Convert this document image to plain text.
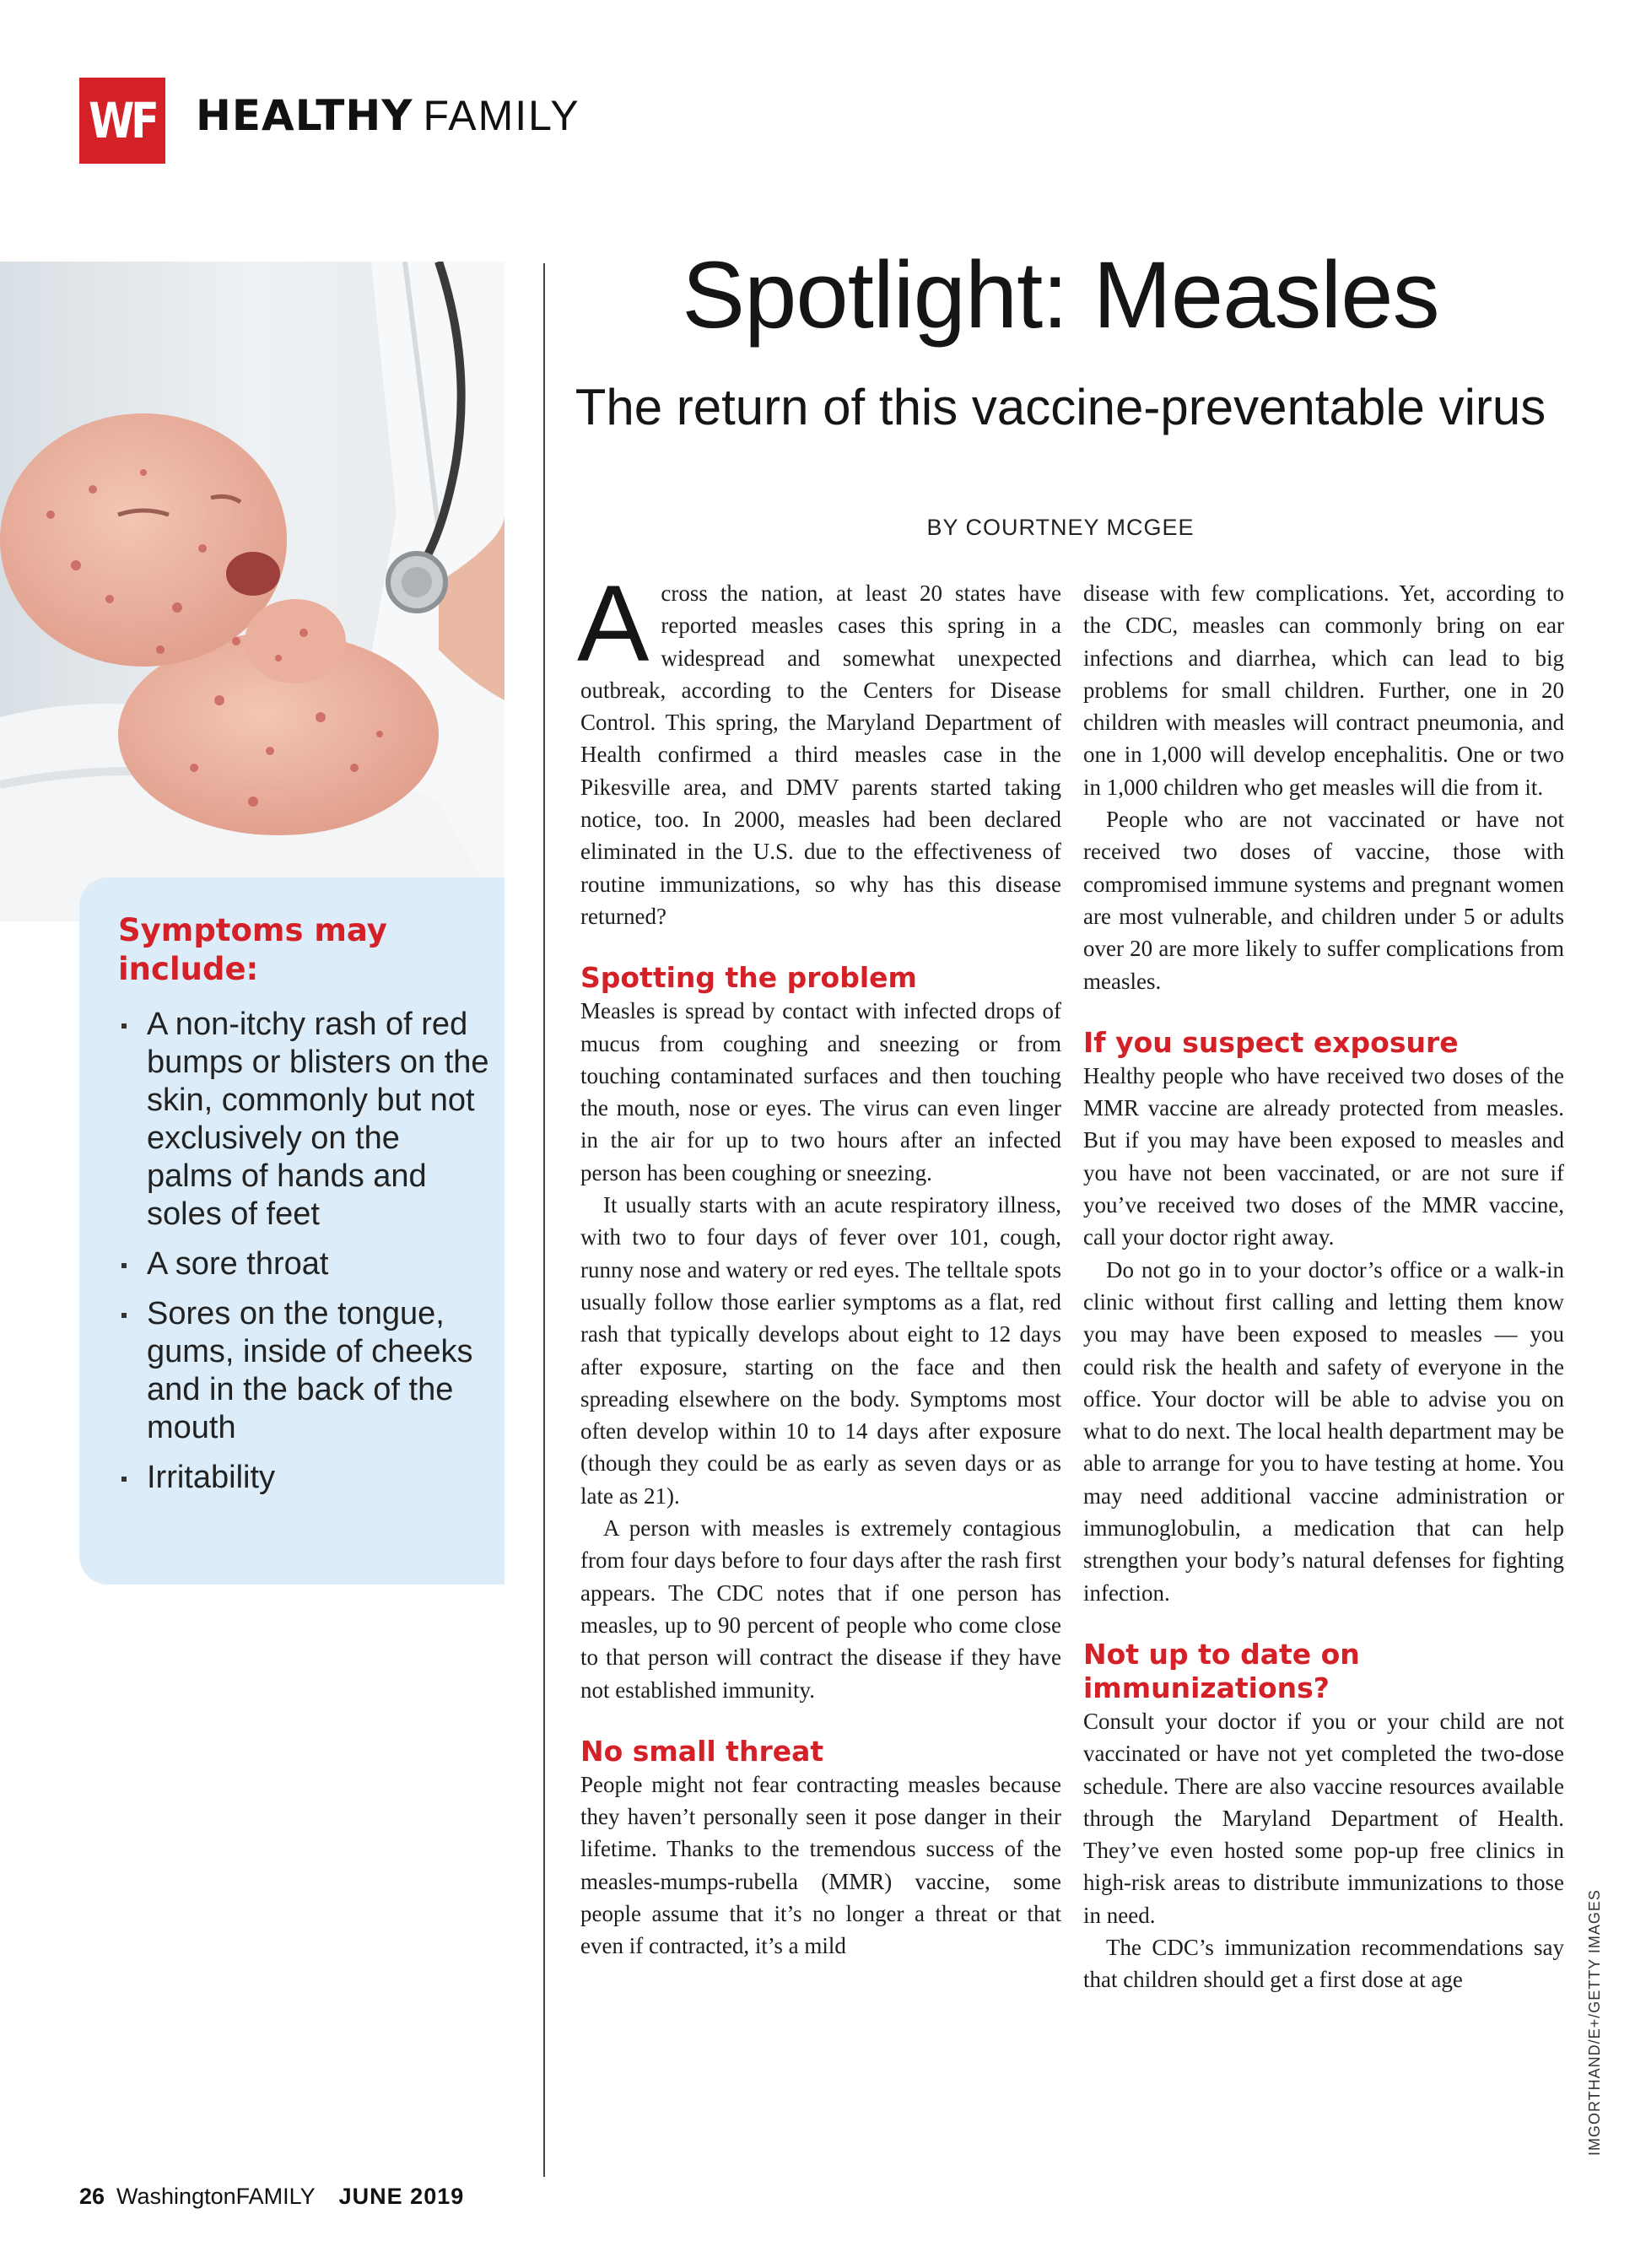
WF HEALTHY FAMILY
Symptoms may include:
A non-itchy rash of red bumps or blisters on the skin, commonly but not exclusively on the palms of hands and soles of feet
A sore throat
Sores on the tongue, gums, inside of cheeks and in the back of the mouth
Irritability
Spotlight: Measles
The return of this vaccine-preventable virus
BY COURTNEY MCGEE
A cross the nation, at least 20 states have reported measles cases this spring in a widespread and somewhat unexpected outbreak, according to the Centers for Disease Control. This spring, the Maryland Department of Health confirmed a third measles case in the Pikesville area, and DMV parents started taking notice, too. In 2000, measles had been declared eliminated in the U.S. due to the effectiveness of routine immunizations, so why has this disease returned?

Spotting the problem

Measles is spread by contact with infected drops of mucus from coughing and sneezing or from touching contaminated surfaces and then touching the mouth, nose or eyes. The virus can even linger in the air for up to two hours after an infected person has been coughing or sneezing.

It usually starts with an acute respiratory illness, with two to four days of fever over 101, cough, runny nose and watery or red eyes. The telltale spots usually follow those earlier symptoms as a flat, red rash that typically develops about eight to 12 days after exposure, starting on the face and then spreading elsewhere on the body. Symptoms most often develop within 10 to 14 days after exposure (though they could be as early as seven days or as late as 21).

A person with measles is extremely contagious from four days before to four days after the rash first appears. The CDC notes that if one person has measles, up to 90 percent of people who come close to that person will contract the disease if they have not established immunity.

No small threat

People might not fear contracting measles because they haven’t personally seen it pose danger in their lifetime. Thanks to the tremendous success of the measles-mumps-rubella (MMR) vaccine, some people assume that it’s no longer a threat or that even if contracted, it’s a mild

disease with few complications. Yet, according to the CDC, measles can commonly bring on ear infections and diarrhea, which can lead to big problems for small children. Further, one in 20 children with measles will contract pneumonia, and one in 1,000 will develop encephalitis. One or two in 1,000 children who get measles will die from it.

People who are not vaccinated or have not received two doses of vaccine, those with compromised immune systems and pregnant women are most vulnerable, and children under 5 or adults over 20 are more likely to suffer complications from measles.

If you suspect exposure

Healthy people who have received two doses of the MMR vaccine are already protected from measles. But if you may have been exposed to measles and you have not been vaccinated, or are not sure if you’ve received two doses of the MMR vaccine, call your doctor right away.

Do not go in to your doctor’s office or a walk-in clinic without first calling and letting them know you may have been exposed to measles — you could risk the health and safety of everyone in the office. Your doctor will be able to advise you on what to do next. The local health department may be able to arrange for you to have testing at home. You may need additional vaccine administration or immunoglobulin, a medication that can help strengthen your body’s natural defenses for fighting infection.

Not up to date on immunizations?

Consult your doctor if you or your child are not vaccinated or have not yet completed the two-dose schedule. There are also vaccine resources available through the Maryland Department of Health. They’ve even hosted some pop-up free clinics in high-risk areas to distribute immunizations to those in need.

The CDC’s immunization recommendations say that children should get a first dose at age	IMGORTHAND/E+/GETTY IMAGES
26 WashingtonFAMILY JUNE 2019
